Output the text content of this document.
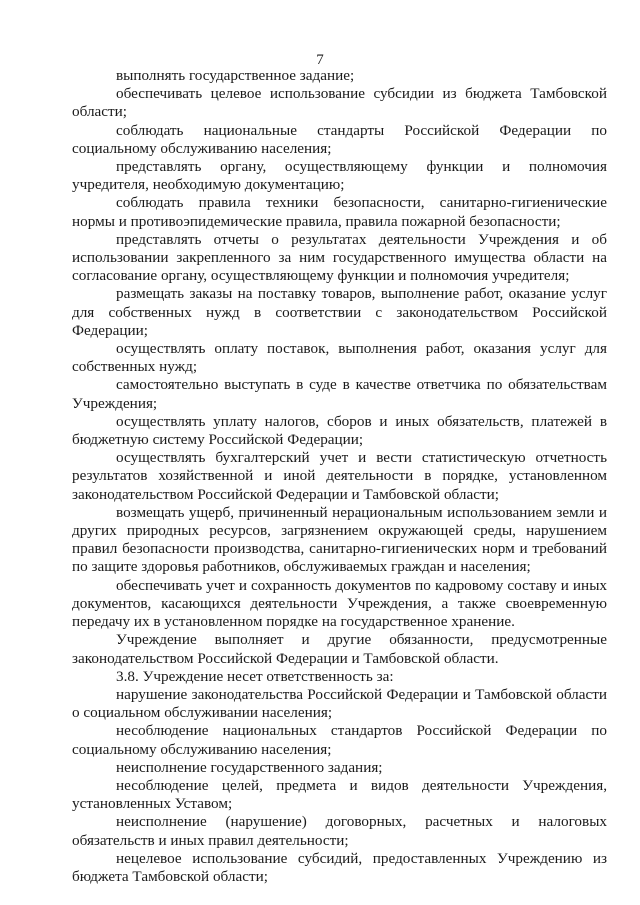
7

выполнять государственное задание;

обеспечивать целевое использование субсидии из бюджета Тамбовской области;

соблюдать национальные стандарты Российской Федерации по социальному обслуживанию населения;

представлять органу, осуществляющему функции и полномочия учредителя, необходимую документацию;

соблюдать правила техники безопасности, санитарно-гигиенические нормы и противоэпидемические правила, правила пожарной безопасности;

представлять отчеты о результатах деятельности Учреждения и об использовании закрепленного за ним государственного имущества области на согласование органу, осуществляющему функции и полномочия учредителя;

размещать заказы на поставку товаров, выполнение работ, оказание услуг для собственных нужд в соответствии с законодательством Российской Федерации;

осуществлять оплату поставок, выполнения работ, оказания услуг для собственных нужд;

самостоятельно выступать в суде в качестве ответчика по обязательствам Учреждения;

осуществлять уплату налогов, сборов и иных обязательств, платежей в бюджетную систему Российской Федерации;

осуществлять бухгалтерский учет и вести статистическую отчетность результатов хозяйственной и иной деятельности в порядке, установленном законодательством Российской Федерации и Тамбовской области;

возмещать ущерб, причиненный нерациональным использованием земли и других природных ресурсов, загрязнением окружающей среды, нарушением правил безопасности производства, санитарно-гигиенических норм и требований по защите здоровья работников, обслуживаемых граждан и населения;

обеспечивать учет и сохранность документов по кадровому составу и иных документов, касающихся деятельности Учреждения, а также своевременную передачу их в установленном порядке на государственное хранение.

Учреждение выполняет и другие обязанности, предусмотренные законодательством Российской Федерации и Тамбовской области.

3.8. Учреждение несет ответственность за:

нарушение законодательства Российской Федерации и Тамбовской области о социальном обслуживании населения;

несоблюдение национальных стандартов Российской Федерации по социальному обслуживанию населения;

неисполнение государственного задания;

несоблюдение целей, предмета и видов деятельности Учреждения, установленных Уставом;

неисполнение (нарушение) договорных, расчетных и налоговых обязательств и иных правил деятельности;

нецелевое использование субсидий, предоставленных Учреждению из бюджета Тамбовской области;
